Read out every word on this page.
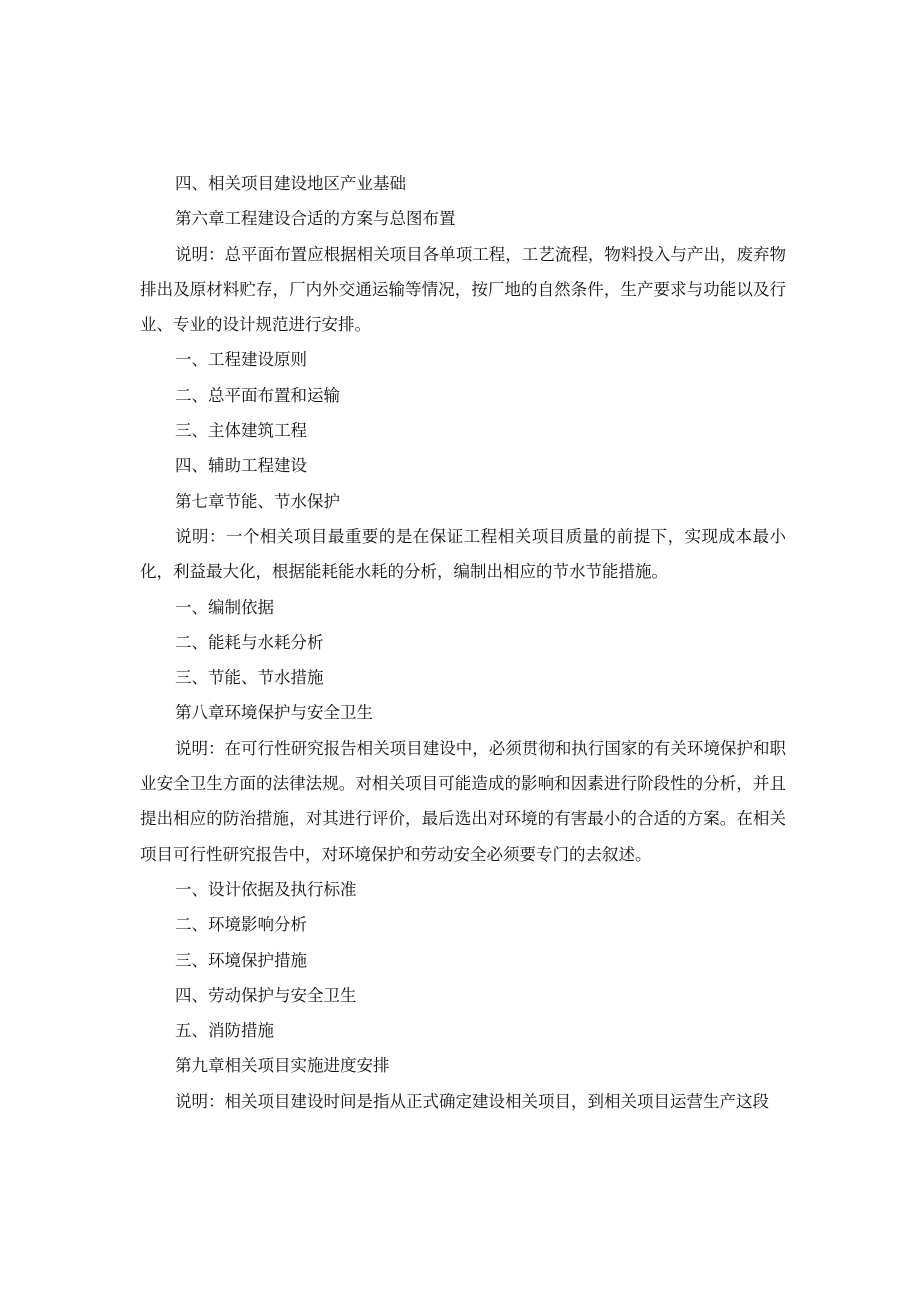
四、相关项目建设地区产业基础

第六章工程建设合适的方案与总图布置

说明：总平面布置应根据相关项目各单项工程，工艺流程，物料投入与产出，废弃物排出及原材料贮存，厂内外交通运输等情况，按厂地的自然条件，生产要求与功能以及行业、专业的设计规范进行安排。

一、工程建设原则

二、总平面布置和运输

三、主体建筑工程

四、辅助工程建设

第七章节能、节水保护

说明：一个相关项目最重要的是在保证工程相关项目质量的前提下，实现成本最小化，利益最大化，根据能耗能水耗的分析，编制出相应的节水节能措施。

一、编制依据

二、能耗与水耗分析

三、节能、节水措施

第八章环境保护与安全卫生

说明：在可行性研究报告相关项目建设中，必须贯彻和执行国家的有关环境保护和职业安全卫生方面的法律法规。对相关项目可能造成的影响和因素进行阶段性的分析，并且提出相应的防治措施，对其进行评价，最后选出对环境的有害最小的合适的方案。在相关项目可行性研究报告中，对环境保护和劳动安全必须要专门的去叙述。

一、设计依据及执行标准

二、环境影响分析

三、环境保护措施

四、劳动保护与安全卫生

五、消防措施

第九章相关项目实施进度安排

说明：相关项目建设时间是指从正式确定建设相关项目，到相关项目运营生产这段
